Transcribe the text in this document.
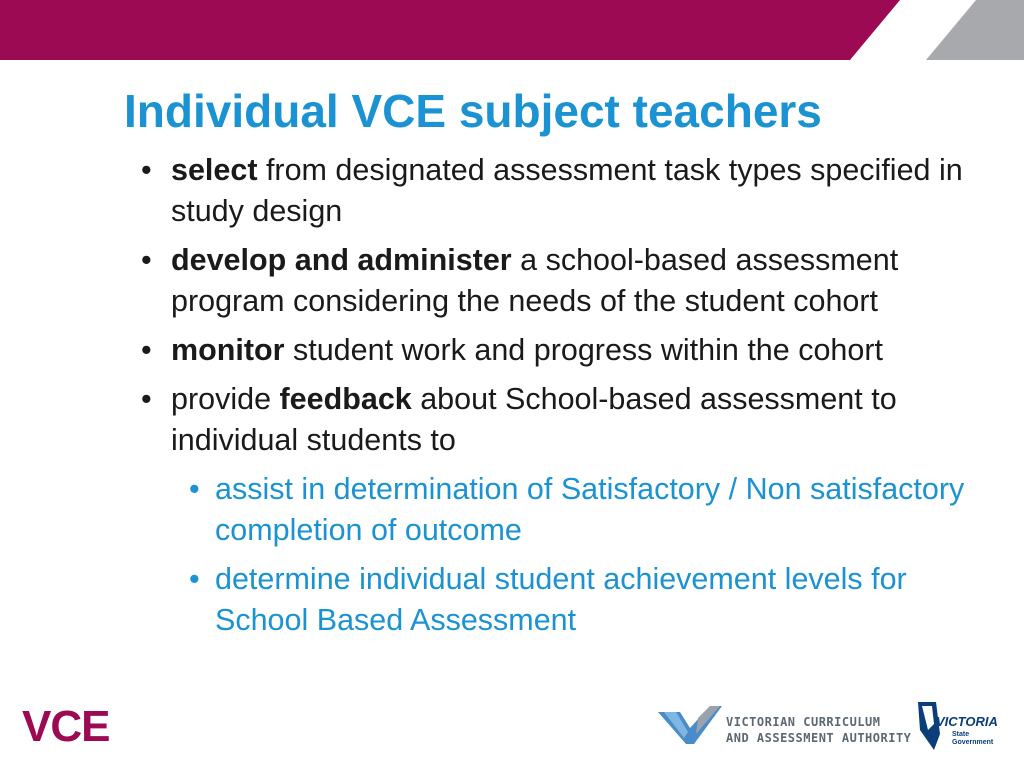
Individual VCE subject teachers
• select from designated assessment task types specified in study design
• develop and administer a school-based assessment program considering the needs of the student cohort
• monitor student work and progress within the cohort
• provide feedback about School-based assessment to individual students to
• assist in determination of Satisfactory / Non satisfactory completion of outcome
• determine individual student achievement levels for School Based Assessment
VCE	VICTORIAN CURRICULUM
AND ASSESSMENT AUTHORITY
VICTORIA
State
Government
